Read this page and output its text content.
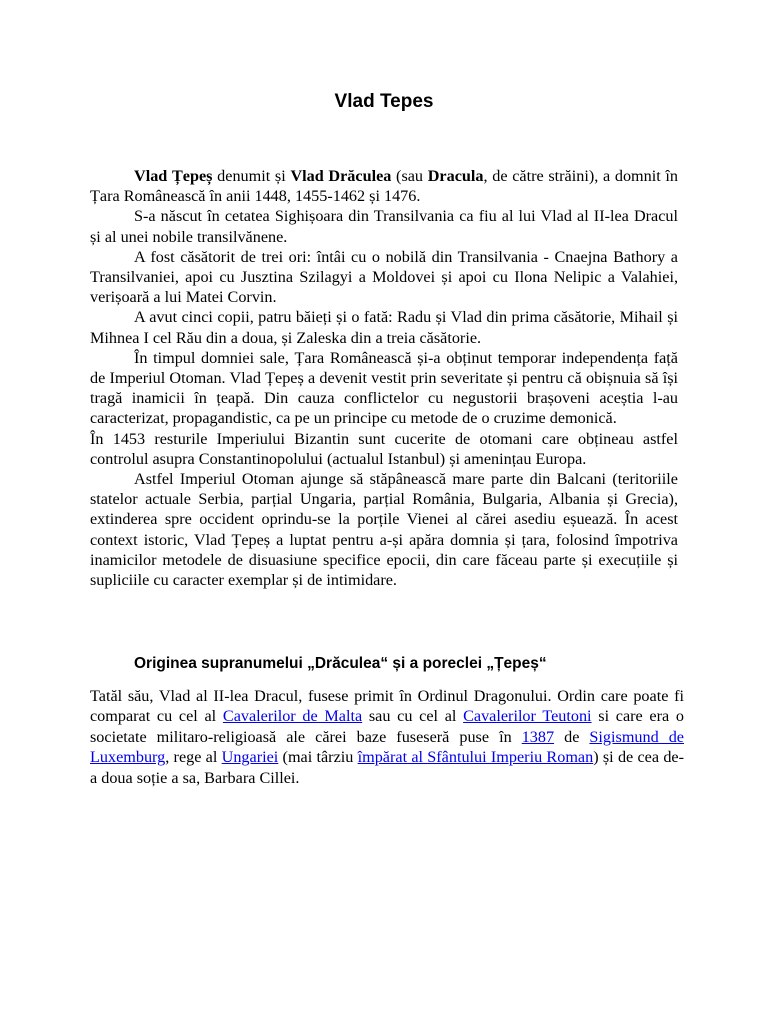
Vlad Tepes

Vlad Țepeș denumit și Vlad Drăculea (sau Dracula, de către străini), a domnit în Țara Românească în anii 1448, 1455-1462 și 1476.

S-a născut în cetatea Sighișoara din Transilvania ca fiu al lui Vlad al II-lea Dracul și al unei nobile transilvănene.

A fost căsătorit de trei ori: întâi cu o nobilă din Transilvania - Cnaejna Bathory a Transilvaniei, apoi cu Jusztina Szilagyi a Moldovei și apoi cu Ilona Nelipic a Valahiei, verișoară a lui Matei Corvin.

A avut cinci copii, patru băieți și o fată: Radu și Vlad din prima căsătorie, Mihail și Mihnea I cel Rău din a doua, și Zaleska din a treia căsătorie.

În timpul domniei sale, Țara Românească și-a obținut temporar independența față de Imperiul Otoman. Vlad Țepeș a devenit vestit prin severitate și pentru că obișnuia să își tragă inamicii în țeapă. Din cauza conflictelor cu negustorii brașoveni aceștia l-au caracterizat, propagandistic, ca pe un principe cu metode de o cruzime demonică.

În 1453 resturile Imperiului Bizantin sunt cucerite de otomani care obțineau astfel controlul asupra Constantinopolului (actualul Istanbul) și amenințau Europa.

Astfel Imperiul Otoman ajunge să stăpânească mare parte din Balcani (teritoriile statelor actuale Serbia, parțial Ungaria, parțial România, Bulgaria, Albania și Grecia), extinderea spre occident oprindu-se la porțile Vienei al cărei asediu eșuează. În acest context istoric, Vlad Țepeș a luptat pentru a-și apăra domnia și țara, folosind împotriva inamicilor metodele de disuasiune specifice epocii, din care făceau parte și execuțiile și supliciile cu caracter exemplar și de intimidare.

Originea supranumelui „Drăculea“ și a poreclei „Țepeș“

Tatăl său, Vlad al II-lea Dracul, fusese primit în Ordinul Dragonului. Ordin care poate fi comparat cu cel al Cavalerilor de Malta sau cu cel al Cavalerilor Teutoni si care era o societate militaro-religioasă ale cărei baze fuseseră puse în 1387 de Sigismund de Luxemburg, rege al Ungariei (mai târziu împărat al Sfântului Imperiu Roman) și de cea de-a doua soție a sa, Barbara Cillei.
